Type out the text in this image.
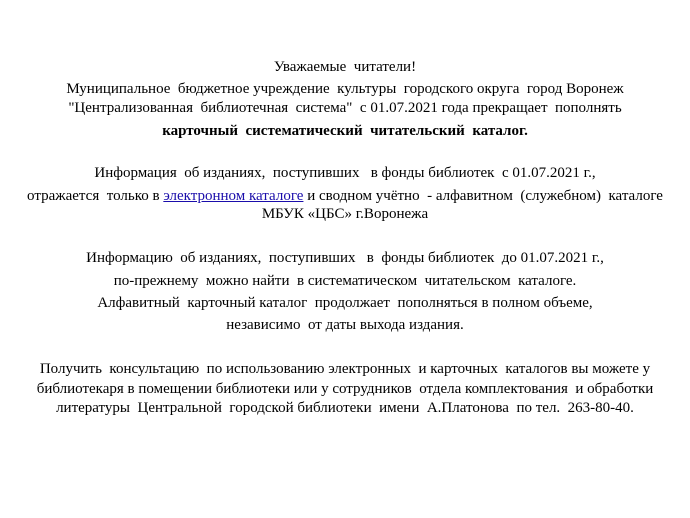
Уважаемые  читатели!
Муниципальное  бюджетное учреждение  культуры  городского округа  город Воронеж
"Централизованная  библиотечная  система"  с 01.07.2021 года прекращает  пополнять
карточный  систематический  читательский  каталог.
Информация  об изданиях,  поступивших   в фонды библиотек  с 01.07.2021 г.,
отражается  только в электронном каталоге и сводном учётно  - алфавитном  (служебном)  каталоге
МБУК «ЦБС» г.Воронежа
Информацию  об изданиях,  поступивших   в  фонды библиотек  до 01.07.2021 г.,
по-прежнему  можно найти  в систематическом  читательском  каталоге.
Алфавитный  карточный каталог  продолжает  пополняться в полном объеме,
независимо  от даты выхода издания.
Получить  консультацию  по использованию электронных  и карточных  каталогов вы можете у
библиотекаря в помещении библиотеки или у сотрудников  отдела комплектования  и обработки
литературы  Центральной  городской библиотеки  имени  А.Платонова  по тел.  263-80-40.
